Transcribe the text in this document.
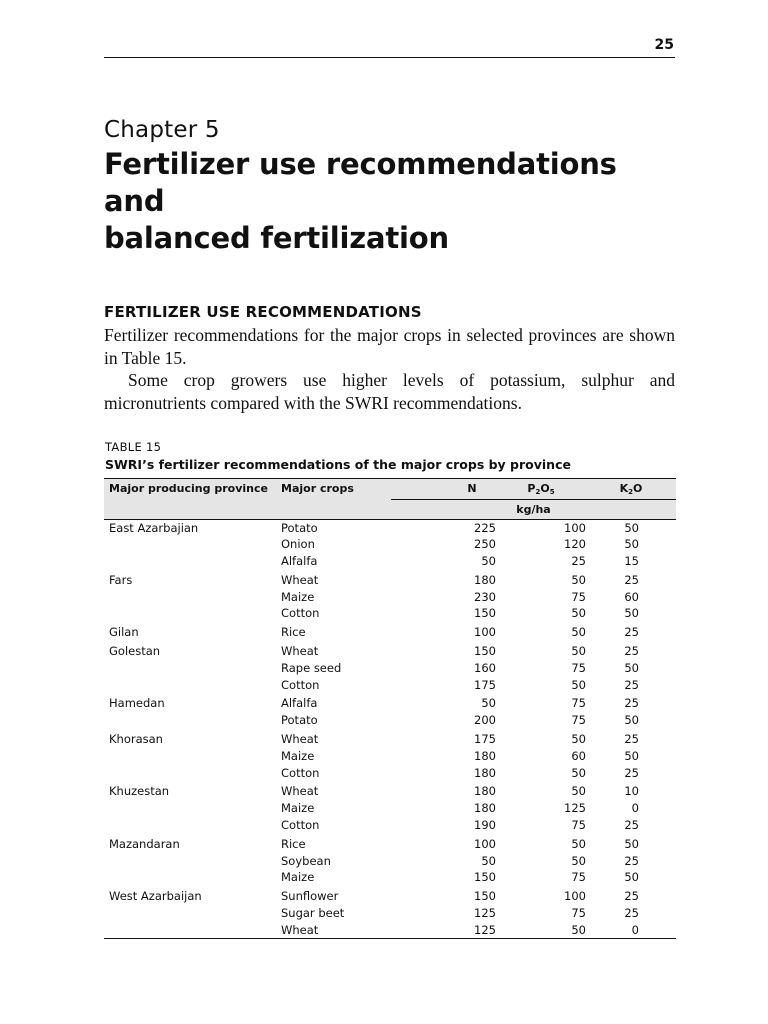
25
Chapter 5
Fertilizer use recommendations and
balanced fertilization
FERTILIZER USE RECOMMENDATIONS

Fertilizer recommendations for the major crops in selected provinces are shown in Table 15.

Some crop growers use higher levels of potassium, sulphur and micronutrients compared with the SWRI recommendations.

TABLE 15
SWRI’s fertilizer recommendations of the major crops by province
Major producing province	Major crops	N	$P_2O_5$	$K_2O$
		kg/ha		
East Azarbajian	Potato	225	100	50
	Onion	250	120	50
	Alfalfa	50	25	15
Fars	Wheat	180	50	25
	Maize	230	75	60
	Cotton	150	50	50
Gilan	Rice	100	50	25
Golestan	Wheat	150	50	25
	Rape seed	160	75	50
	Cotton	175	50	25
Hamedan	Alfalfa	50	75	25
	Potato	200	75	50
Khorasan	Wheat	175	50	25
	Maize	180	60	50
	Cotton	180	50	25
Khuzestan	Wheat	180	50	10
	Maize	180	125	0
	Cotton	190	75	25
Mazandaran	Rice	100	50	50
	Soybean	50	50	25
	Maize	150	75	50
West Azarbaijan	Sunflower	150	100	25
	Sugar beet	125	75	25
	Wheat	125	50	0
